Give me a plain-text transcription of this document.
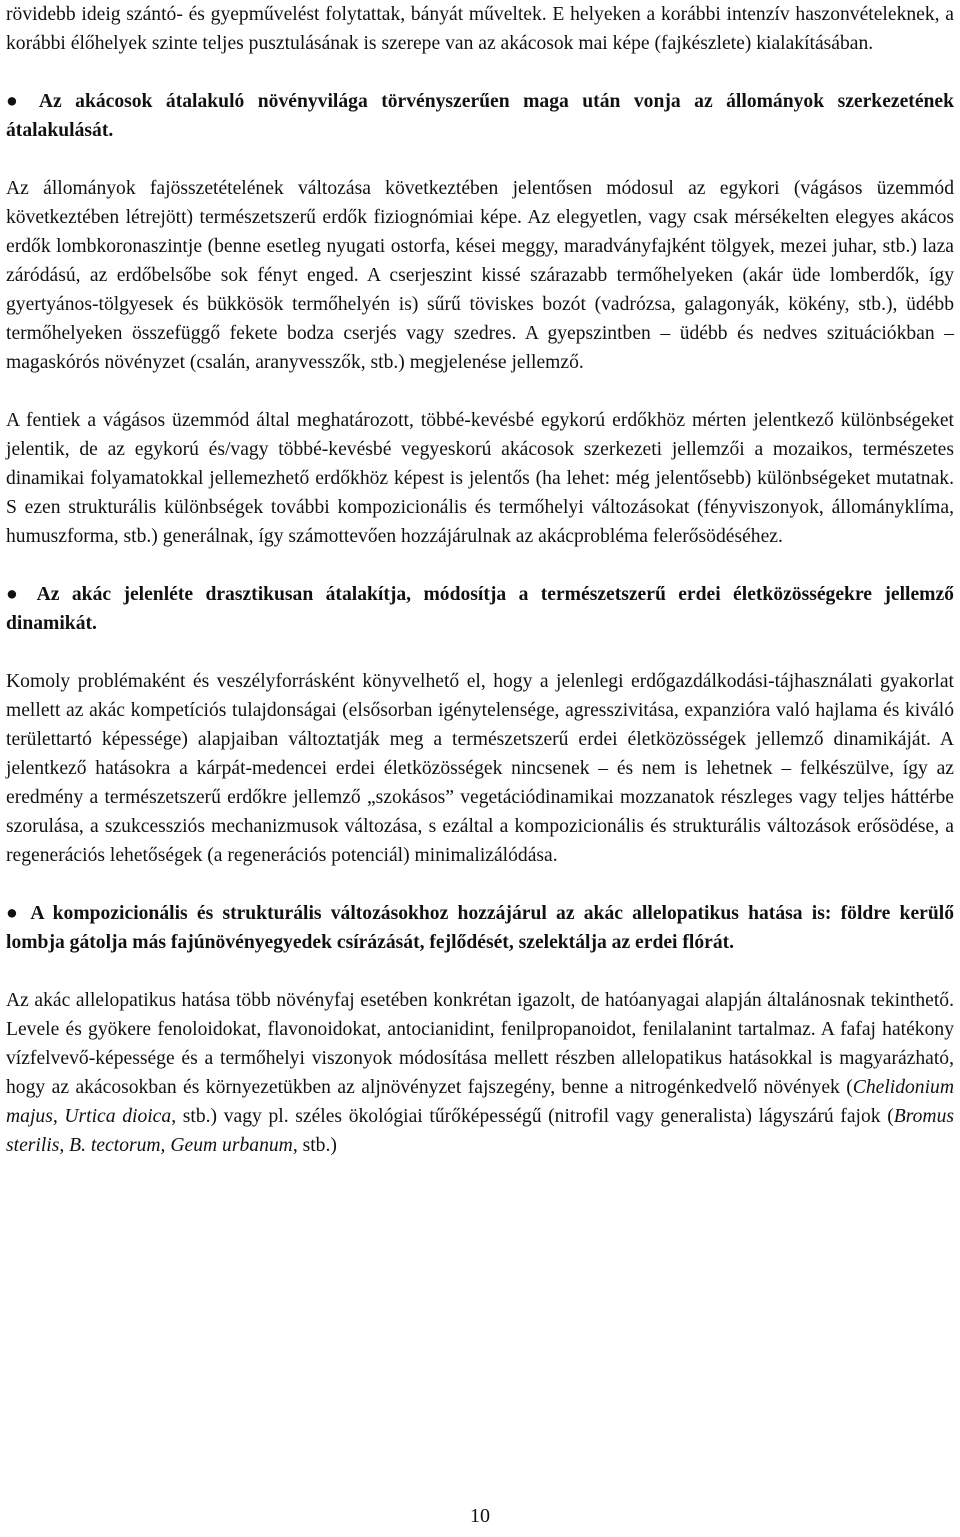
rövidebb ideig szántó- és gyepművelést folytattak, bányát műveltek. E helyeken a korábbi intenzív haszonvételeknek, a korábbi élőhelyek szinte teljes pusztulásának is szerepe van az akácosok mai képe (fajkészlete) kialakításában.

● Az akácosok átalakuló növényvilága törvényszerűen maga után vonja az állományok szerkezetének átalakulását.

Az állományok fajösszetételének változása következtében jelentősen módosul az egykori (vágásos üzemmód következtében létrejött) természetszerű erdők fiziognómiai képe. Az elegyetlen, vagy csak mérsékelten elegyes akácos erdők lombkoronaszintje (benne esetleg nyugati ostorfa, kései meggy, maradványfajként tölgyek, mezei juhar, stb.) laza záródású, az erdőbelsőbe sok fényt enged. A cserjeszint kissé szárazabb termőhelyeken (akár üde lomberdők, így gyertyános-tölgyesek és bükkösök termőhelyén is) sűrű töviskes bozót (vadrózsa, galagonyák, kökény, stb.), üdébb termőhelyeken összefüggő fekete bodza cserjés vagy szedres. A gyepszintben – üdébb és nedves szituációkban – magaskórós növényzet (csalán, aranyvesszők, stb.) megjelenése jellemző.

A fentiek a vágásos üzemmód által meghatározott, többé-kevésbé egykorú erdőkhöz mérten jelentkező különbségeket jelentik, de az egykorú és/vagy többé-kevésbé vegyeskorú akácosok szerkezeti jellemzői a mozaikos, természetes dinamikai folyamatokkal jellemezhető erdőkhöz képest is jelentős (ha lehet: még jelentősebb) különbségeket mutatnak. S ezen strukturális különbségek további kompozicionális és termőhelyi változásokat (fényviszonyok, állományklíma, humuszforma, stb.) generálnak, így számottevően hozzájárulnak az akácprobléma felerősödéséhez.

● Az akác jelenléte drasztikusan átalakítja, módosítja a természetszerű erdei életközösségekre jellemző dinamikát.

Komoly problémaként és veszélyforrásként könyvelhető el, hogy a jelenlegi erdőgazdálkodási-tájhasználati gyakorlat mellett az akác kompetíciós tulajdonságai (elsősorban igénytelensége, agresszivitása, expanzióra való hajlama és kiváló területtartó képessége) alapjaiban változtatják meg a természetszerű erdei életközösségek jellemző dinamikáját. A jelentkező hatásokra a kárpát-medencei erdei életközösségek nincsenek – és nem is lehetnek – felkészülve, így az eredmény a természetszerű erdőkre jellemző „szokásos” vegetációdinamikai mozzanatok részleges vagy teljes háttérbe szorulása, a szukcessziós mechanizmusok változása, s ezáltal a kompozicionális és strukturális változások erősödése, a regenerációs lehetőségek (a regenerációs potenciál) minimalizálódása.

● A kompozicionális és strukturális változásokhoz hozzájárul az akác allelopatikus hatása is: földre kerülő lombja gátolja más fajúnövényegyedek csírázását, fejlődését, szelektálja az erdei flórát.

Az akác allelopatikus hatása több növényfaj esetében konkrétan igazolt, de hatóanyagai alapján általánosnak tekinthető. Levele és gyökere fenoloidokat, flavonoidokat, antocianidint, fenilpropanoidot, fenilalanint tartalmaz. A fafaj hatékony vízfelvevő-képessége és a termőhelyi viszonyok módosítása mellett részben allelopatikus hatásokkal is magyarázható, hogy az akácosokban és környezetükben az aljnövényzet fajszegény, benne a nitrogénkedvelő növények (Chelidonium majus, Urtica dioica, stb.) vagy pl. széles ökológiai tűrőképességű (nitrofil vagy generalista) lágyszárú fajok (Bromus sterilis, B. tectorum, Geum urbanum, stb.)

10
